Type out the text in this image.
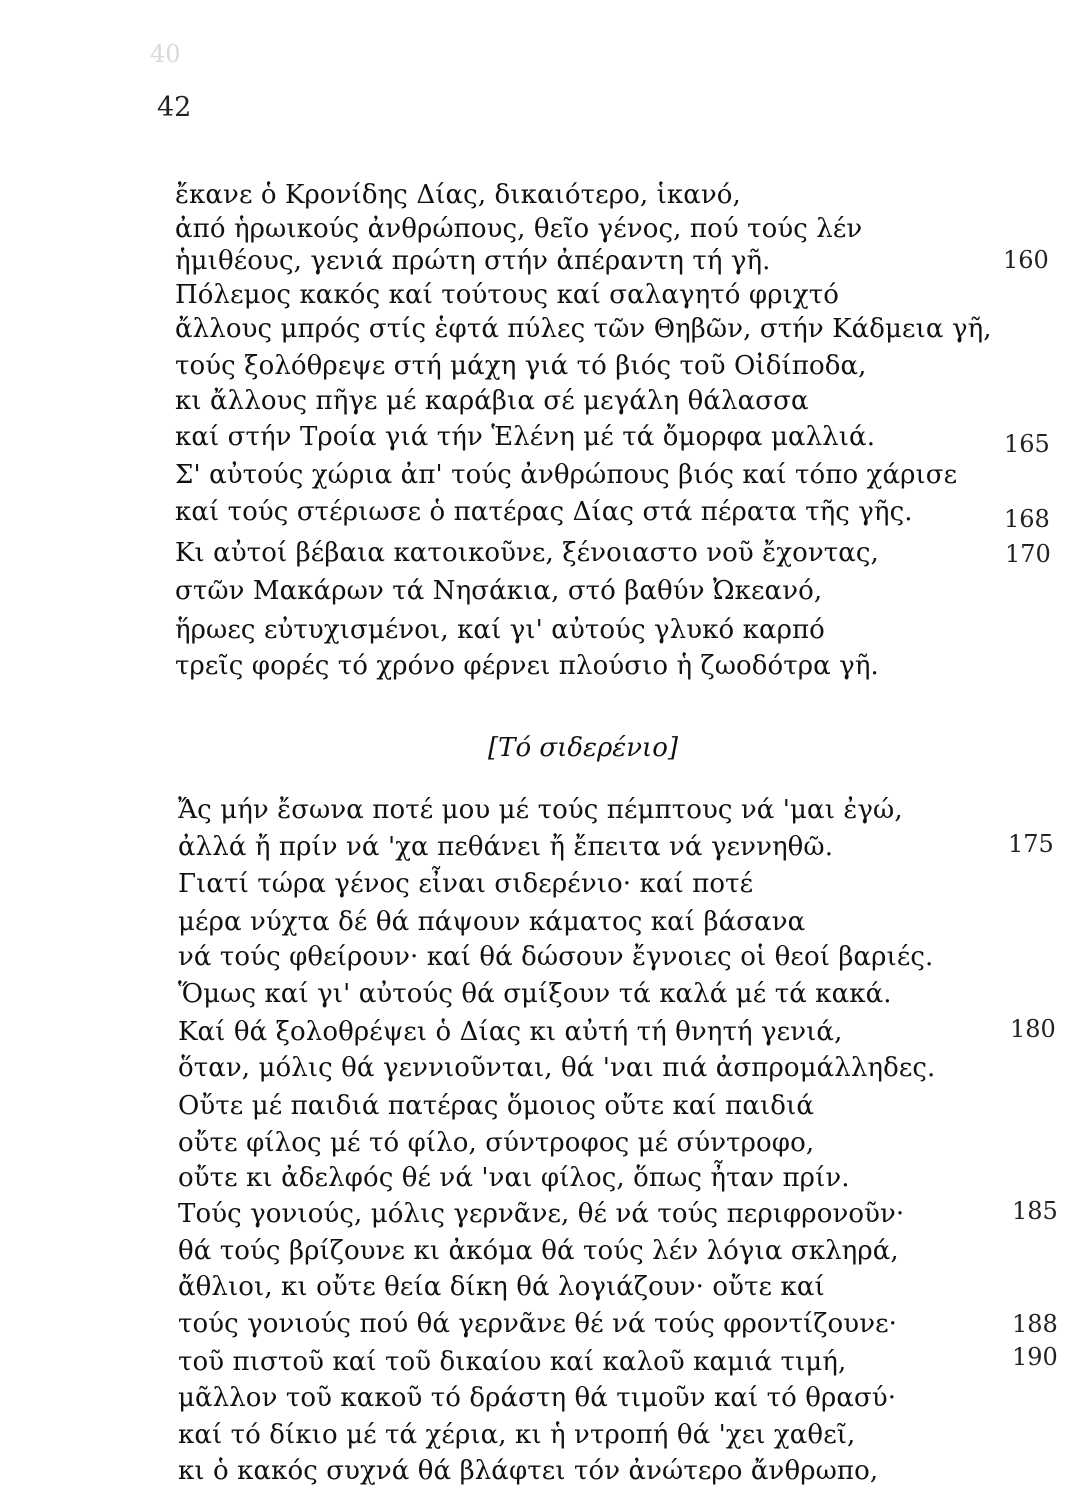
40
42
ἔκανε ὁ Κρονίδης Δίας, δικαιότερο, ἱκανό,
ἀπό ἡρωικούς ἀνθρώπους, θεῖο γένος, πού τούς λέν
ἡμιθέους, γενιά πρώτη στήν ἀπέραντη τή γῆ.
Πόλεμος κακός καί τούτους καί σαλαγητό φριχτό
ἄλλους μπρός στίς ἑφτά πύλες τῶν Θηβῶν, στήν Κάδμεια γῆ,
τούς ξολόθρεψε στή μάχη γιά τό βιός τοῦ Οἰδίποδα,
κι ἄλλους πῆγε μέ καράβια σέ μεγάλη θάλασσα
καί στήν Τροία γιά τήν Ἑλένη μέ τά ὄμορφα μαλλιά.
Σ' αὐτούς χώρια ἀπ' τούς ἀνθρώπους βιός καί τόπο χάρισε
καί τούς στέριωσε ὁ πατέρας Δίας στά πέρατα τῆς γῆς.
Κι αὐτοί βέβαια κατοικοῦνε, ξένοιαστο νοῦ ἔχοντας,
στῶν Μακάρων τά Νησάκια, στό βαθύν Ὠκεανό,
ἥρωες εὐτυχισμένοι, καί γι' αὐτούς γλυκό καρπό
τρεῖς φορές τό χρόνο φέρνει πλούσιο ἡ ζωοδότρα γῆ.
[Τό σιδερένιο]
Ἄς μήν ἔσωνα ποτέ μου μέ τούς πέμπτους νά 'μαι ἐγώ,
ἀλλά ἤ πρίν νά 'χα πεθάνει ἤ ἔπειτα νά γεννηθῶ.
Γιατί τώρα γένος εἶναι σιδερένιο· καί ποτέ
μέρα νύχτα δέ θά πάψουν κάματος καί βάσανα
νά τούς φθείρουν· καί θά δώσουν ἔγνοιες οἱ θεοί βαριές.
Ὅμως καί γι' αὐτούς θά σμίξουν τά καλά μέ τά κακά.
Καί θά ξολοθρέψει ὁ Δίας κι αὐτή τή θνητή γενιά,
ὅταν, μόλις θά γεννιοῦνται, θά 'ναι πιά ἀσπρομάλληδες.
Οὔτε μέ παιδιά πατέρας ὅμοιος οὔτε καί παιδιά
οὔτε φίλος μέ τό φίλο, σύντροφος μέ σύντροφο,
οὔτε κι ἀδελφός θέ νά 'ναι φίλος, ὅπως ἦταν πρίν.
Τούς γονιούς, μόλις γερνᾶνε, θέ νά τούς περιφρονοῦν·
θά τούς βρίζουνε κι ἀκόμα θά τούς λέν λόγια σκληρά,
ἄθλιοι, κι οὔτε θεία δίκη θά λογιάζουν· οὔτε καί
τούς γονιούς πού θά γερνᾶνε θέ νά τούς φροντίζουνε·
τοῦ πιστοῦ καί τοῦ δικαίου καί καλοῦ καμιά τιμή,
μᾶλλον τοῦ κακοῦ τό δράστη θά τιμοῦν καί τό θρασύ·
καί τό δίκιο μέ τά χέρια, κι ἡ ντροπή θά 'χει χαθεῖ,
κι ὁ κακός συχνά θά βλάφτει τόν ἀνώτερο ἄνθρωπο,
160
165
168
170
175
180
185
188
190
